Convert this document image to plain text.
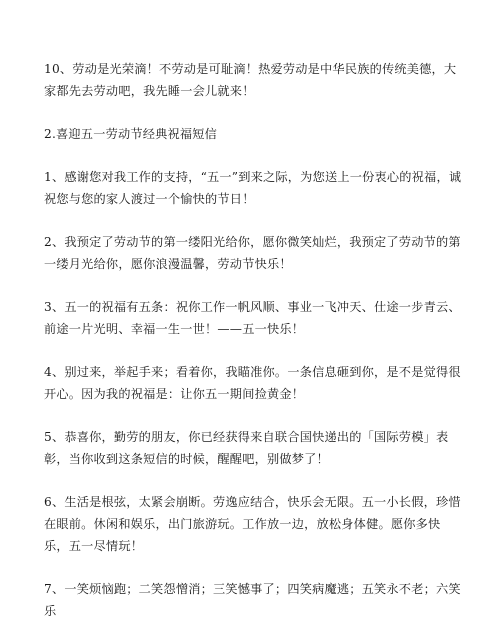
10、劳动是光荣滴！不劳动是可耻滴！热爱劳动是中华民族的传统美德，大家都先去劳动吧，我先睡一会儿就来！

2.喜迎五一劳动节经典祝福短信

1、感谢您对我工作的支持，“五一”到来之际，为您送上一份衷心的祝福，诚祝您与您的家人渡过一个愉快的节日！

2、我预定了劳动节的第一缕阳光给你，愿你微笑灿烂，我预定了劳动节的第一缕月光给你，愿你浪漫温馨，劳动节快乐！

3、五一的祝福有五条：祝你工作一帆风顺、事业一飞冲天、仕途一步青云、前途一片光明、幸福一生一世！——五一快乐！

4、别过来，举起手来；看着你，我瞄准你。一条信息砸到你，是不是觉得很开心。因为我的祝福是：让你五一期间捡黄金！

5、恭喜你，勤劳的朋友，你已经获得来自联合国快递出的「国际劳模」表彰，当你收到这条短信的时候，醒醒吧，别做梦了！

6、生活是根弦，太紧会崩断。劳逸应结合，快乐会无限。五一小长假，珍惜在眼前。休闲和娱乐，出门旅游玩。工作放一边，放松身体健。愿你多快乐，五一尽情玩！

7、一笑烦恼跑；二笑怨憎消；三笑憾事了；四笑病魔逃；五笑永不老；六笑乐
